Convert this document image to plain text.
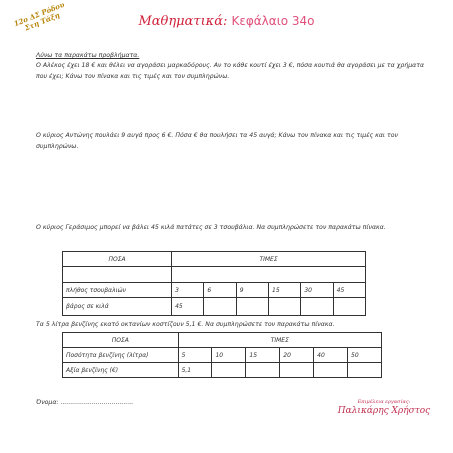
12ο ΔΣ Ρόδου Στη Τάξη	Μαθηματικά: Κεφάλαιο 34ο
Λύνω τα παρακάτω προβλήματα.
Ο Αλέκος έχει 18 € και θέλει να αγοράσει μαρκαδόρους. Αν το κάθε κουτί έχει 3 €, πόσα κουτιά θα αγοράσει με τα χρήματα που έχει; Κάνω τον πίνακα και τις τιμές και τον συμπληρώνω.
Ο κύριος Αντώνης πουλάει 9 αυγά προς 6 €. Πόσα € θα πουλήσει τα 45 αυγά; Κάνω τον πίνακα και τις τιμές και τον συμπληρώνω.
Ο κύριος Γεράσιμος μπορεί να βάλει 45 κιλά πατάτες σε 3 τσουβάλια. Να συμπληρώσετε τον παρακάτω πίνακα.
ΠΟΣΑ	ΤΙΜΕΣ					

πλήθος τσουβαλιών	3	6	9	15	30	45
βάρος σε κιλά	45					
Τα 5 λίτρα βενζίνης εκατό οκτανίων κοστίζουν 5,1 €. Να συμπληρώσετε τον παρακάτω πίνακα.
ΠΟΣΑ	ΤΙΜΕΣ					
Ποσότητα βενζίνης (λίτρα)	5	10	15	20	40	50
Αξία βενζίνης (€)	5,1					
Όνομα: .....................................	Επιμέλεια εργασίας:
Παλικάρης Χρήστος
